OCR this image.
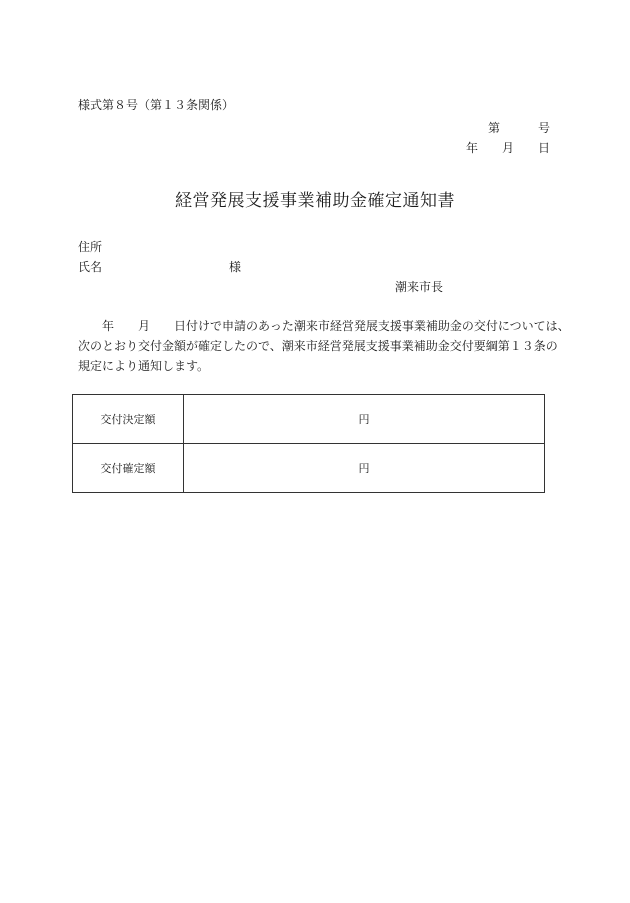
様式第８号（第１３条関係）
第	号
年 月 日
経営発展支援事業補助金確定通知書
住所
氏名	様
潮来市長
年 月 日付けで申請のあった潮来市経営発展支援事業補助金の交付については、
次のとおり交付金額が確定したので、潮来市経営発展支援事業補助金交付要綱第１３条の
規定により通知します。
交付決定額	円
交付確定額	円
